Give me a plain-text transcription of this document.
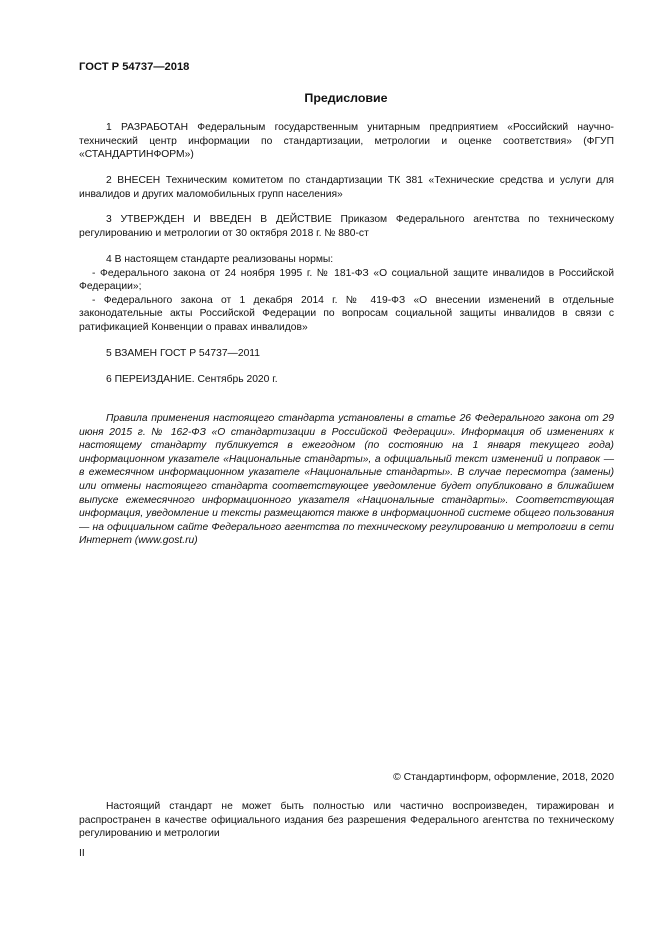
ГОСТ Р 54737—2018
Предисловие

1 РАЗРАБОТАН Федеральным государственным унитарным предприятием «Российский научно-технический центр информации по стандартизации, метрологии и оценке соответствия» (ФГУП «СТАНДАРТИНФОРМ»)

2 ВНЕСЕН Техническим комитетом по стандартизации ТК 381 «Технические средства и услуги для инвалидов и других маломобильных групп населения»

3 УТВЕРЖДЕН И ВВЕДЕН В ДЕЙСТВИЕ Приказом Федерального агентства по техническому регулированию и метрологии от 30 октября 2018 г. № 880-ст

4 В настоящем стандарте реализованы нормы:

- Федерального закона от 24 ноября 1995 г. № 181-ФЗ «О социальной защите инвалидов в Российской Федерации»;

- Федерального закона от 1 декабря 2014 г. № 419-ФЗ «О внесении изменений в отдельные законодательные акты Российской Федерации по вопросам социальной защиты инвалидов в связи с ратификацией Конвенции о правах инвалидов»

5 ВЗАМЕН ГОСТ Р 54737—2011

6 ПЕРЕИЗДАНИЕ. Сентябрь 2020 г.

Правила применения настоящего стандарта установлены в статье 26 Федерального закона от 29 июня 2015 г. № 162-ФЗ «О стандартизации в Российской Федерации». Информация об изменениях к настоящему стандарту публикуется в ежегодном (по состоянию на 1 января текущего года) информационном указателе «Национальные стандарты», а официальный текст изменений и поправок — в ежемесячном информационном указателе «Национальные стандарты». В случае пересмотра (замены) или отмены настоящего стандарта соответствующее уведомление будет опубликовано в ближайшем выпуске ежемесячного информационного указателя «Национальные стандарты». Соответствующая информация, уведомление и тексты размещаются также в информационной системе общего пользования — на официальном сайте Федерального агентства по техническому регулированию и метрологии в сети Интернет (www.gost.ru)

© Стандартинформ, оформление, 2018, 2020

Настоящий стандарт не может быть полностью или частично воспроизведен, тиражирован и распространен в качестве официального издания без разрешения Федерального агентства по техническому регулированию и метрологии

II
